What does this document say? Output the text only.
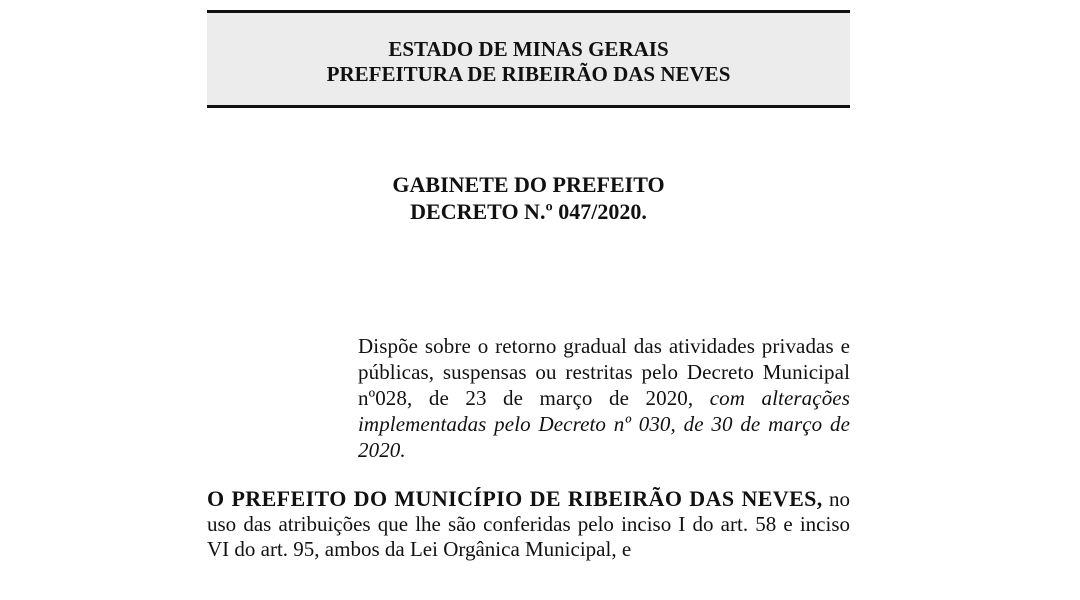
ESTADO DE MINAS GERAIS
PREFEITURA DE RIBEIRÃO DAS NEVES
GABINETE DO PREFEITO
DECRETO N.º 047/2020.
Dispõe sobre o retorno gradual das atividades privadas e públicas, suspensas ou restritas pelo Decreto Municipal nº028, de 23 de março de 2020, com alterações implementadas pelo Decreto nº 030, de 30 de março de 2020.
O PREFEITO DO MUNICÍPIO DE RIBEIRÃO DAS NEVES, no uso das atribuições que lhe são conferidas pelo inciso I do art. 58 e inciso VI do art. 95, ambos da Lei Orgânica Municipal, e
